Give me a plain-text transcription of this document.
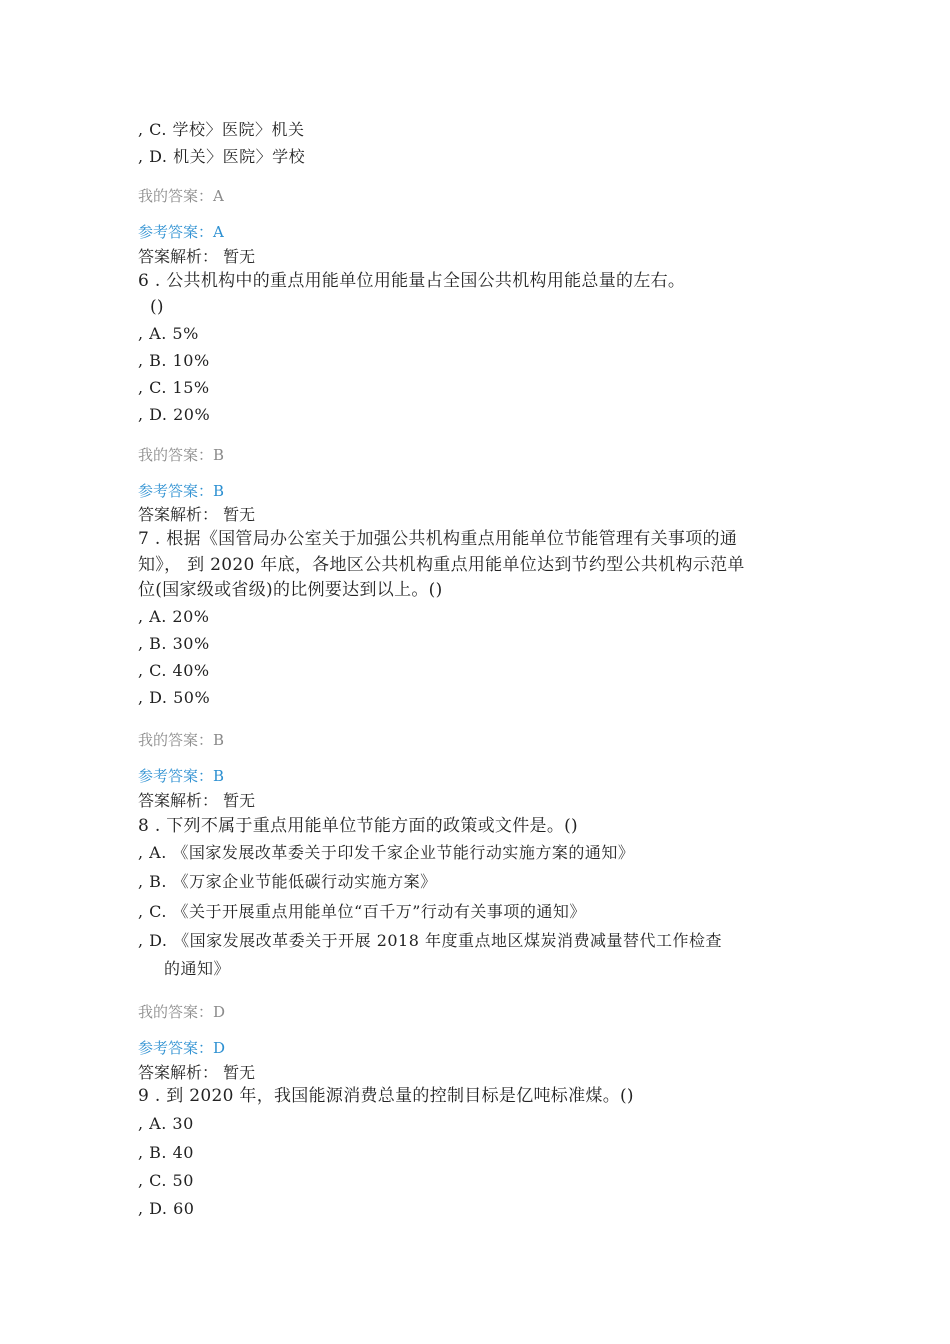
, C. 学校〉医院〉机关
, D. 机关〉医院〉学校
我的答案：A
参考答案：A
答案解析： 暂无
6 . 公共机构中的重点用能单位用能量占全国公共机构用能总量的左右。
()
, A. 5%
, B. 10%
, C. 15%
, D. 20%
我的答案：B
参考答案：B
答案解析： 暂无
7 . 根据《国管局办公室关于加强公共机构重点用能单位节能管理有关事项的通
知》， 到 2020 年底，各地区公共机构重点用能单位达到节约型公共机构示范单
位(国家级或省级)的比例要达到以上。()
, A. 20%
, B. 30%
, C. 40%
, D. 50%
我的答案：B
参考答案：B
答案解析： 暂无
8 . 下列不属于重点用能单位节能方面的政策或文件是。()
, A. 《国家发展改革委关于印发千家企业节能行动实施方案的通知》
, B. 《万家企业节能低碳行动实施方案》
, C. 《关于开展重点用能单位“百千万”行动有关事项的通知》
, D. 《国家发展改革委关于开展 2018 年度重点地区煤炭消费减量替代工作检查
的通知》
我的答案：D
参考答案：D
答案解析： 暂无
9 . 到 2020 年，我国能源消费总量的控制目标是亿吨标准煤。()
, A. 30
, B. 40
, C. 50
, D. 60
